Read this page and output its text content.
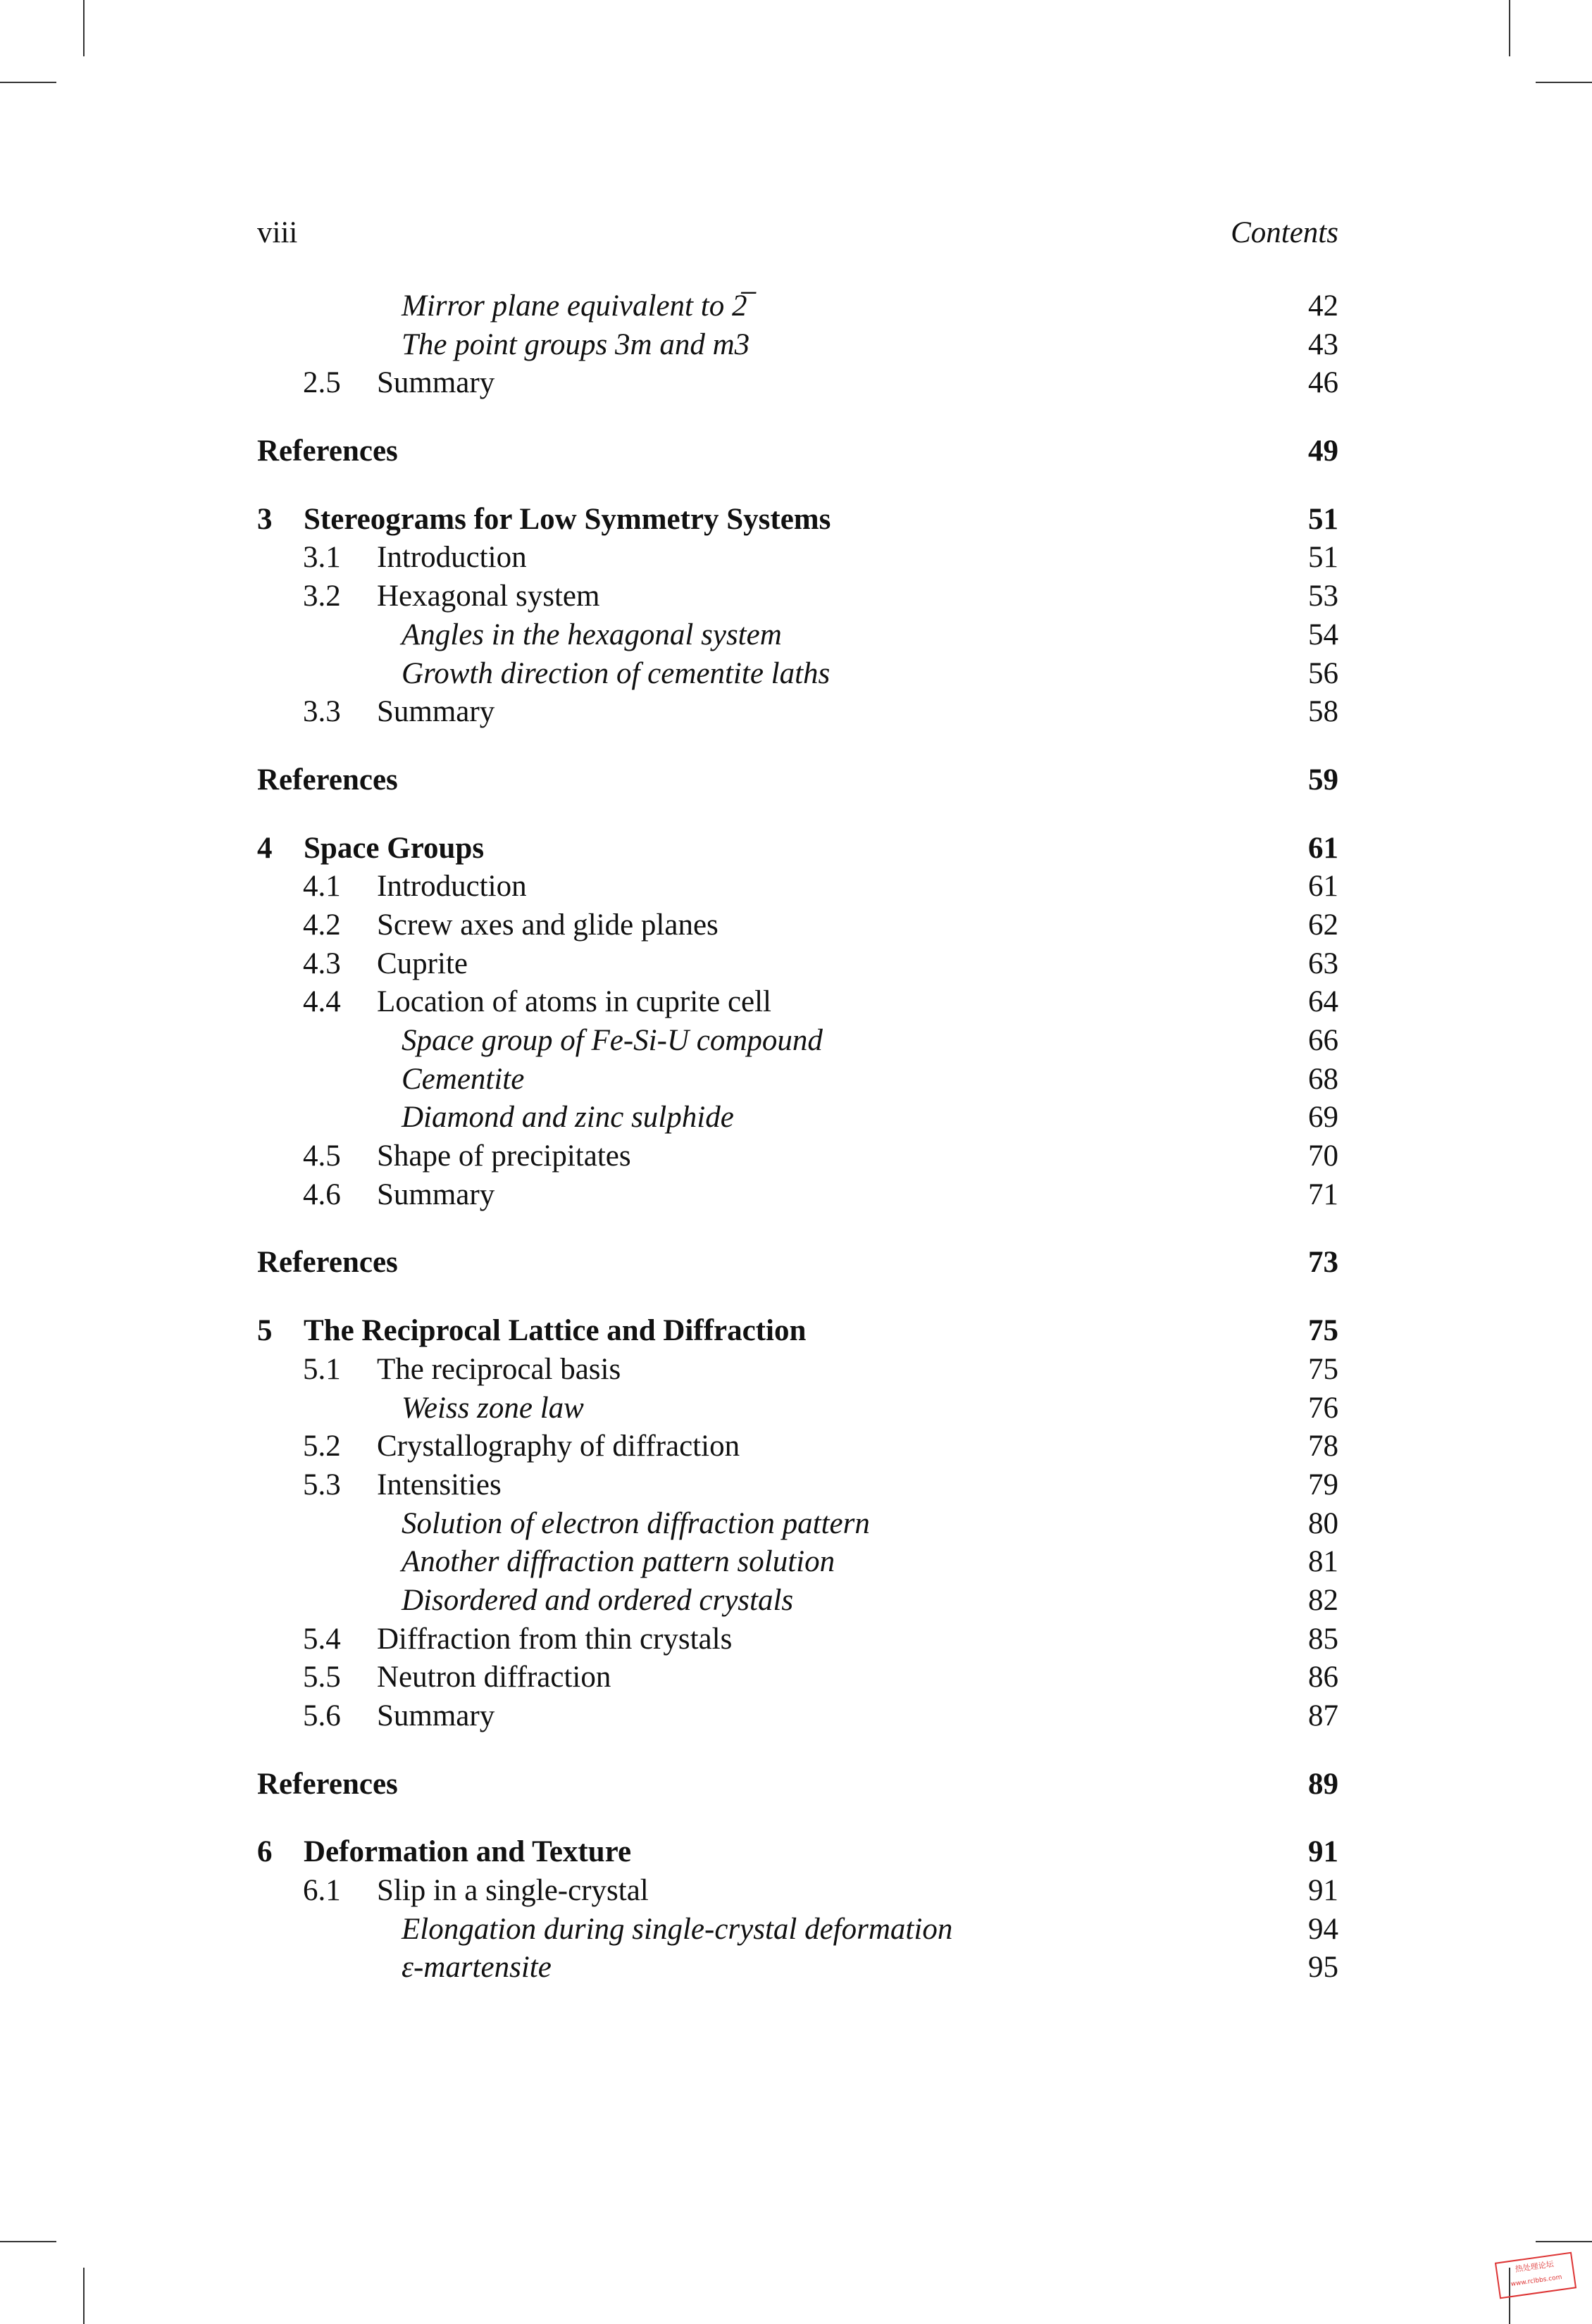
viii	Contents
Mirror plane equivalent to 2̅	42
The point groups 3m and m3	43
2.5 Summary	46
References	49
3 Stereograms for Low Symmetry Systems	51
3.1 Introduction	51
3.2 Hexagonal system	53
Angles in the hexagonal system	54
Growth direction of cementite laths	56
3.3 Summary	58
References	59
4 Space Groups	61
4.1 Introduction	61
4.2 Screw axes and glide planes	62
4.3 Cuprite	63
4.4 Location of atoms in cuprite cell	64
Space group of Fe-Si-U compound	66
Cementite	68
Diamond and zinc sulphide	69
4.5 Shape of precipitates	70
4.6 Summary	71
References	73
5 The Reciprocal Lattice and Diffraction	75
5.1 The reciprocal basis	75
Weiss zone law	76
5.2 Crystallography of diffraction	78
5.3 Intensities	79
Solution of electron diffraction pattern	80
Another diffraction pattern solution	81
Disordered and ordered crystals	82
5.4 Diffraction from thin crystals	85
5.5 Neutron diffraction	86
5.6 Summary	87
References	89
6 Deformation and Texture	91
6.1 Slip in a single-crystal	91
Elongation during single-crystal deformation	94
ε-martensite	95
热处理论坛
www.rclbbs.com
